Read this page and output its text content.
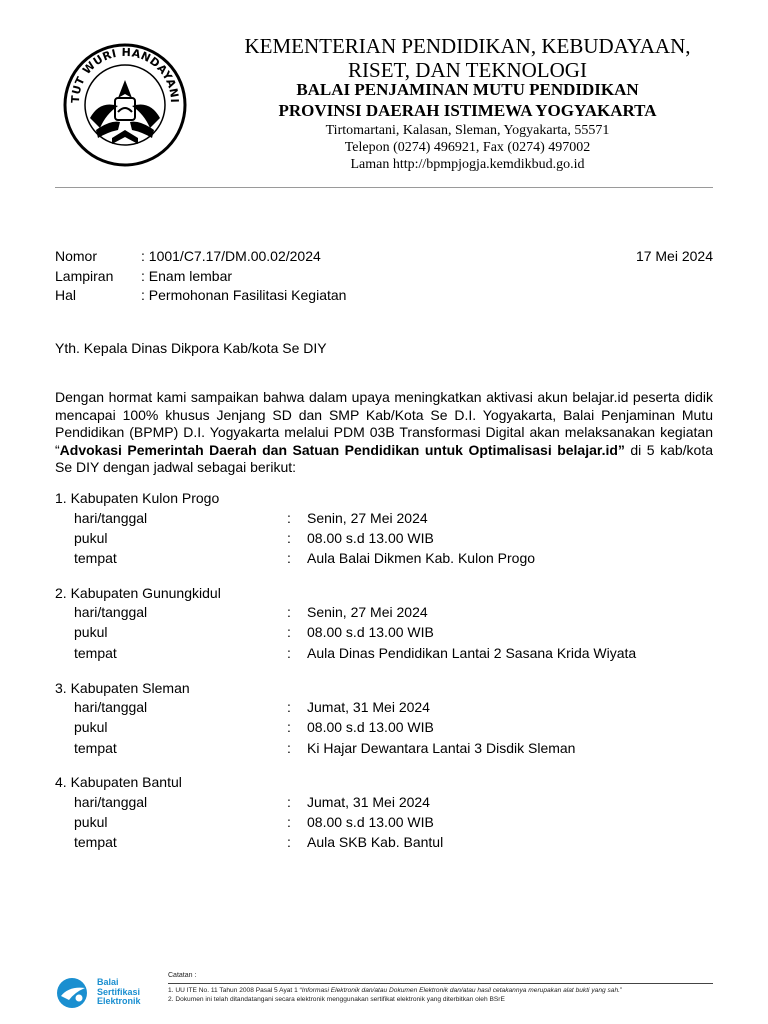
TUT WURI HANDAYANI
KEMENTERIAN PENDIDIKAN, KEBUDAYAAN,
RISET, DAN TEKNOLOGI
BALAI PENJAMINAN MUTU PENDIDIKAN
PROVINSI DAERAH ISTIMEWA YOGYAKARTA
Tirtomartani, Kalasan, Sleman, Yogyakarta, 55571
Telepon (0274) 496921, Fax (0274) 497002
Laman http://bpmpjogja.kemdikbud.go.id
Nomor	: 1001/C7.17/DM.00.02/2024
Lampiran : Enam lembar
Hal	: Permohonan Fasilitasi Kegiatan
17 Mei 2024
Yth. Kepala Dinas Dikpora Kab/kota Se DIY
Dengan hormat kami sampaikan bahwa dalam upaya meningkatkan aktivasi akun belajar.id peserta didik mencapai 100% khusus Jenjang SD dan SMP Kab/Kota Se D.I. Yogyakarta, Balai Penjaminan Mutu Pendidikan (BPMP) D.I. Yogyakarta melalui PDM 03B Transformasi Digital akan melaksanakan kegiatan “Advokasi Pemerintah Daerah dan Satuan Pendidikan untuk Optimalisasi belajar.id” di 5 kab/kota Se DIY dengan jadwal sebagai berikut:
1. Kabupaten Kulon Progo
hari/tanggal	: Senin, 27 Mei 2024
pukul	: 08.00 s.d 13.00 WIB
tempat	: Aula Balai Dikmen Kab. Kulon Progo
2. Kabupaten Gunungkidul
hari/tanggal	: Senin, 27 Mei 2024
pukul	: 08.00 s.d 13.00 WIB
tempat	: Aula Dinas Pendidikan Lantai 2 Sasana Krida Wiyata
3. Kabupaten Sleman
hari/tanggal	: Jumat, 31 Mei 2024
pukul	: 08.00 s.d 13.00 WIB
tempat	: Ki Hajar Dewantara Lantai 3 Disdik Sleman
4. Kabupaten Bantul
hari/tanggal	: Jumat, 31 Mei 2024
pukul	: 08.00 s.d 13.00 WIB
tempat	: Aula SKB Kab. Bantul
Balai
Sertifikasi
Elektronik
Catatan :
1. UU ITE No. 11 Tahun 2008 Pasal 5 Ayat 1 “Informasi Elektronik dan/atau Dokumen Elektronik dan/atau hasil cetakannya merupakan alat bukti yang sah.”
2. Dokumen ini telah ditandatangani secara elektronik menggunakan sertifikat elektronik yang diterbitkan oleh BSrE
